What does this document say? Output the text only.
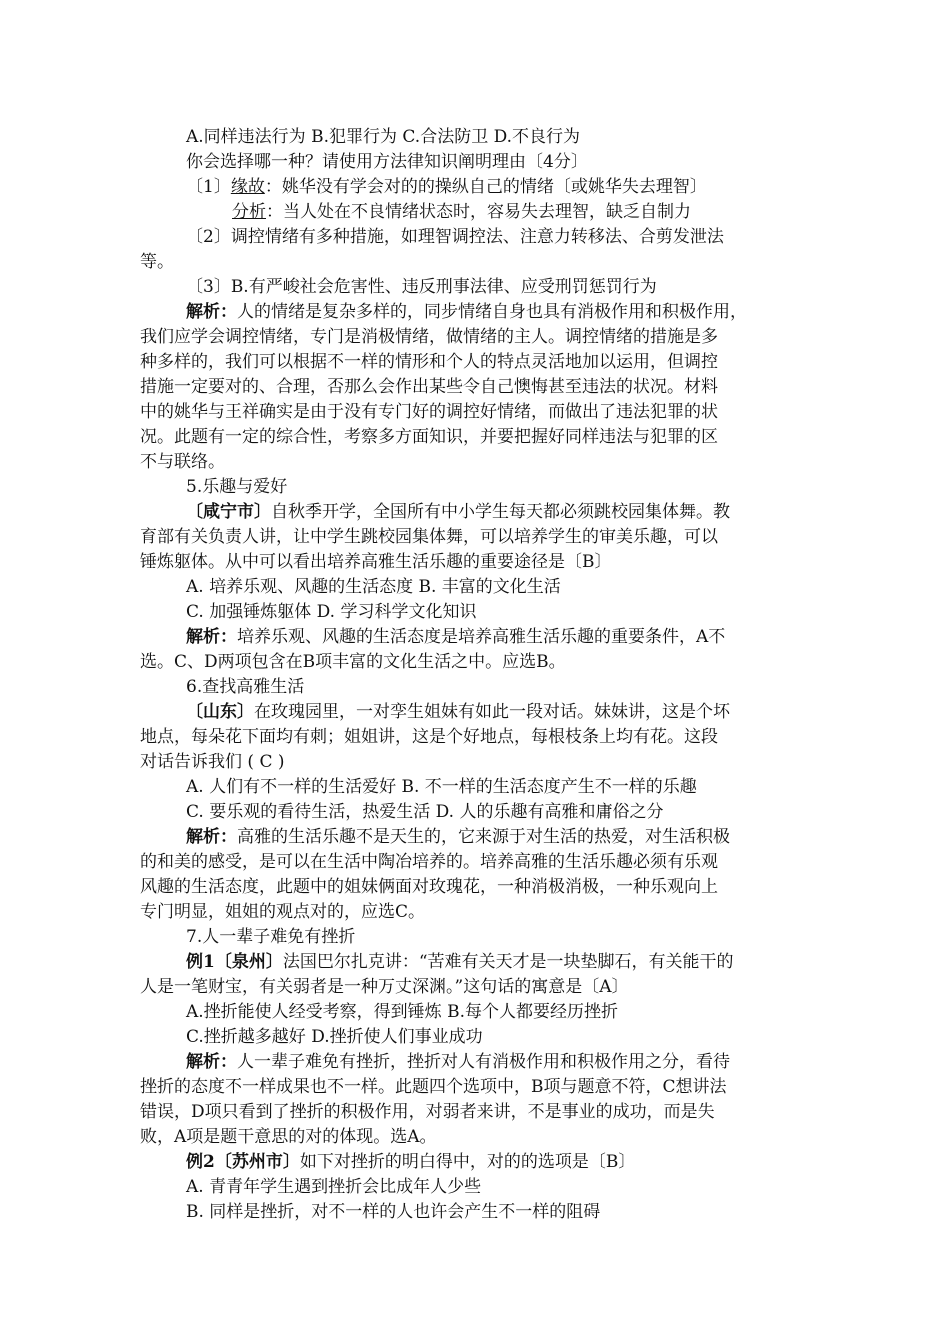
A.同样违法行为 B.犯罪行为 C.合法防卫 D.不良行为
你会选择哪一种？请使用方法律知识阐明理由〔4分〕
〔1〕缘故：姚华没有学会对的的操纵自己的情绪〔或姚华失去理智〕
分析：当人处在不良情绪状态时，容易失去理智，缺乏自制力
〔2〕调控情绪有多种措施，如理智调控法、注意力转移法、合剪发泄法
等。
〔3〕B.有严峻社会危害性、违反刑事法律、应受刑罚惩罚行为
解析：人的情绪是复杂多样的，同步情绪自身也具有消极作用和积极作用，
我们应学会调控情绪，专门是消极情绪，做情绪的主人。调控情绪的措施是多
种多样的，我们可以根据不一样的情形和个人的特点灵活地加以运用，但调控
措施一定要对的、合理，否那么会作出某些令自己懊悔甚至违法的状况。材料
中的姚华与王祥确实是由于没有专门好的调控好情绪，而做出了违法犯罪的状
况。此题有一定的综合性，考察多方面知识，并要把握好同样违法与犯罪的区
不与联络。
5.乐趣与爱好
〔咸宁市〕自秋季开学，全国所有中小学生每天都必须跳校园集体舞。教
育部有关负责人讲，让中学生跳校园集体舞，可以培养学生的审美乐趣，可以
锤炼躯体。从中可以看出培养高雅生活乐趣的重要途径是〔B〕
A. 培养乐观、风趣的生活态度 B. 丰富的文化生活
C. 加强锤炼躯体 D. 学习科学文化知识
解析：培养乐观、风趣的生活态度是培养高雅生活乐趣的重要条件，A不
选。C、D两项包含在B项丰富的文化生活之中。应选B。
6.查找高雅生活
〔山东〕在玫瑰园里，一对孪生姐妹有如此一段对话。妹妹讲，这是个坏
地点，每朵花下面均有刺；姐姐讲，这是个好地点，每根枝条上均有花。这段
对话告诉我们 ( C )
A. 人们有不一样的生活爱好 B. 不一样的生活态度产生不一样的乐趣
C. 要乐观的看待生活，热爱生活 D. 人的乐趣有高雅和庸俗之分
解析：高雅的生活乐趣不是天生的，它来源于对生活的热爱，对生活积极
的和美的感受，是可以在生活中陶冶培养的。培养高雅的生活乐趣必须有乐观
风趣的生活态度，此题中的姐妹俩面对玫瑰花，一种消极消极，一种乐观向上
专门明显，姐姐的观点对的，应选C。
7.人一辈子难免有挫折
例1〔泉州〕法国巴尔扎克讲：“苦难有关天才是一块垫脚石，有关能干的
人是一笔财宝，有关弱者是一种万丈深渊。”这句话的寓意是〔A〕
A.挫折能使人经受考察，得到锤炼 B.每个人都要经历挫折
C.挫折越多越好 D.挫折使人们事业成功
解析：人一辈子难免有挫折，挫折对人有消极作用和积极作用之分，看待
挫折的态度不一样成果也不一样。此题四个选项中，B项与题意不符，C想讲法
错误，D项只看到了挫折的积极作用，对弱者来讲，不是事业的成功，而是失
败，A项是题干意思的对的体现。选A。
例2〔苏州市〕如下对挫折的明白得中，对的的选项是〔B〕
A. 青青年学生遇到挫折会比成年人少些
B. 同样是挫折，对不一样的人也许会产生不一样的阻碍
